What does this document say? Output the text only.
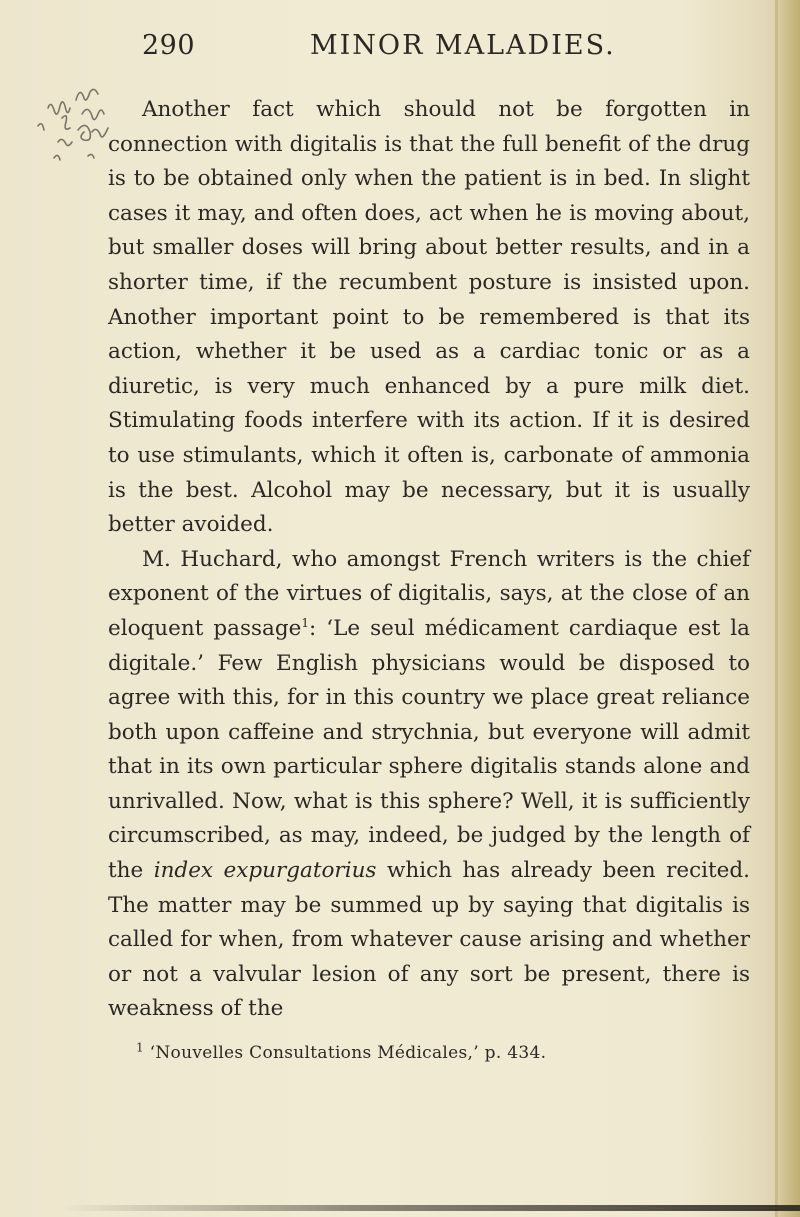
290	MINOR MALADIES.

Another fact which should not be forgotten in connection with digitalis is that the full benefit of the drug is to be obtained only when the patient is in bed. In slight cases it may, and often does, act when he is moving about, but smaller doses will bring about better results, and in a shorter time, if the recumbent posture is insisted upon. Another important point to be remembered is that its action, whether it be used as a cardiac tonic or as a diuretic, is very much enhanced by a pure milk diet. Stimulating foods interfere with its action. If it is desired to use stimulants, which it often is, carbonate of ammonia is the best. Alcohol may be necessary, but it is usually better avoided.

M. Huchard, who amongst French writers is the chief exponent of the virtues of digitalis, says, at the close of an eloquent passage$^1$: ‘Le seul médicament cardiaque est la digitale.’ Few English physicians would be disposed to agree with this, for in this country we place great reliance both upon caffeine and strychnia, but everyone will admit that in its own particular sphere digitalis stands alone and unrivalled. Now, what is this sphere? Well, it is sufficiently circumscribed, as may, indeed, be judged by the length of the index expurgatorius which has already been recited. The matter may be summed up by saying that digitalis is called for when, from whatever cause arising and whether or not a valvular lesion of any sort be present, there is weakness of the

$^1$ ‘Nouvelles Consultations Médicales,’ p. 434.
